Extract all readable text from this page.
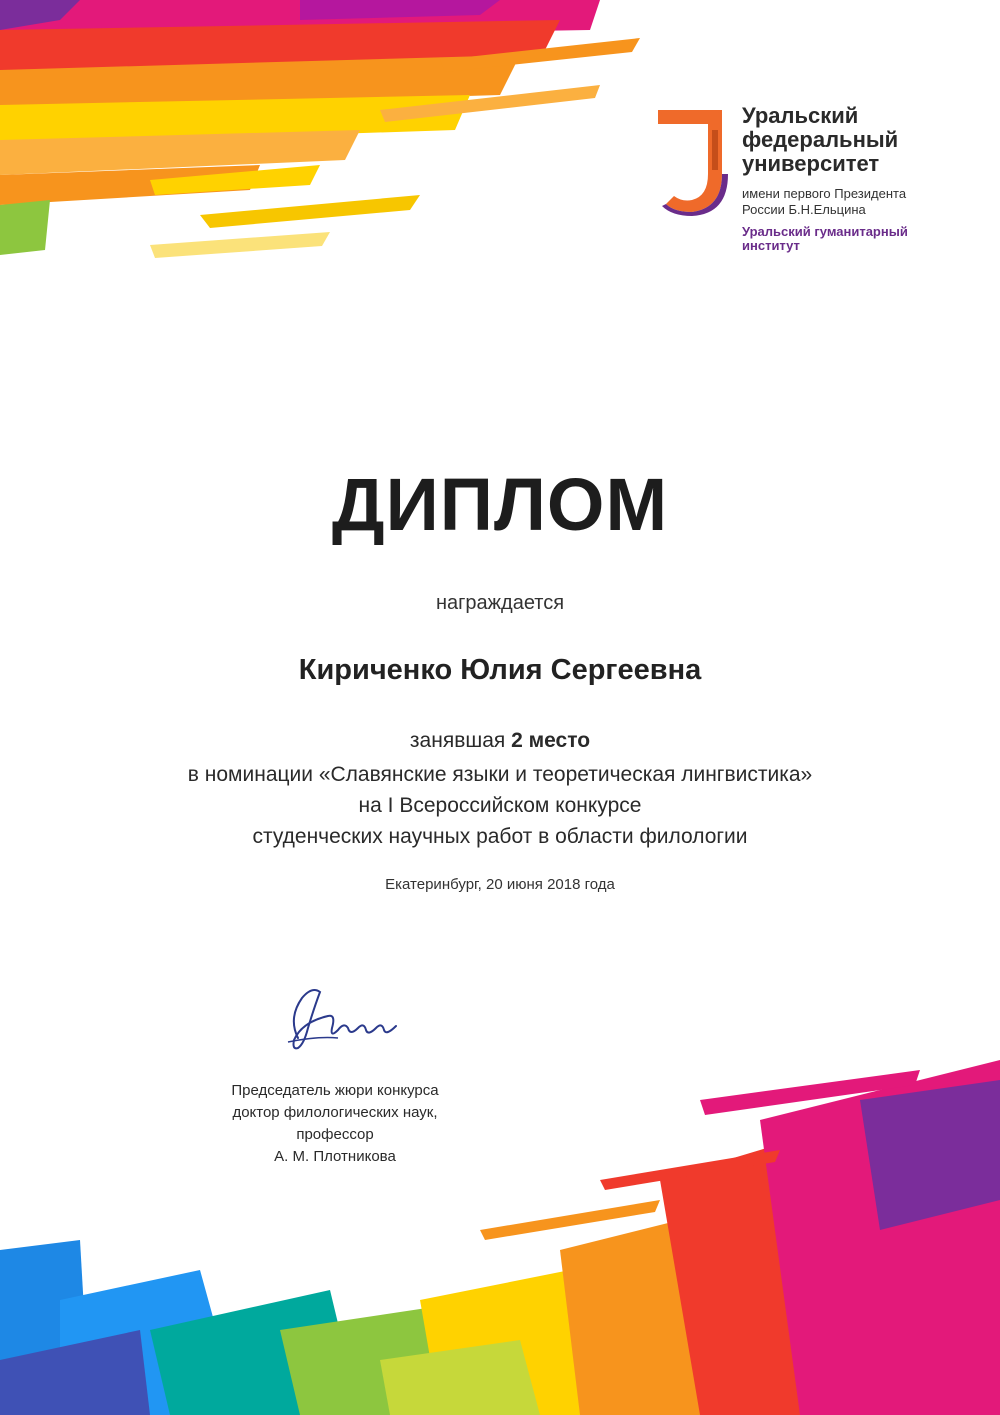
Уральский
федеральный
университет
имени первого Президента
России Б.Н.Ельцина
Уральский гуманитарный
институт
ДИПЛОМ
награждается
Кириченко Юлия Сергеевна
занявшая 2 место
в номинации «Славянские языки и теоретическая лингвистика»
на I Всероссийском конкурсе
студенческих научных работ в области филологии
Екатеринбург, 20 июня 2018 года
Председатель жюри конкурса
доктор филологических наук,
профессор
А. М. Плотникова
